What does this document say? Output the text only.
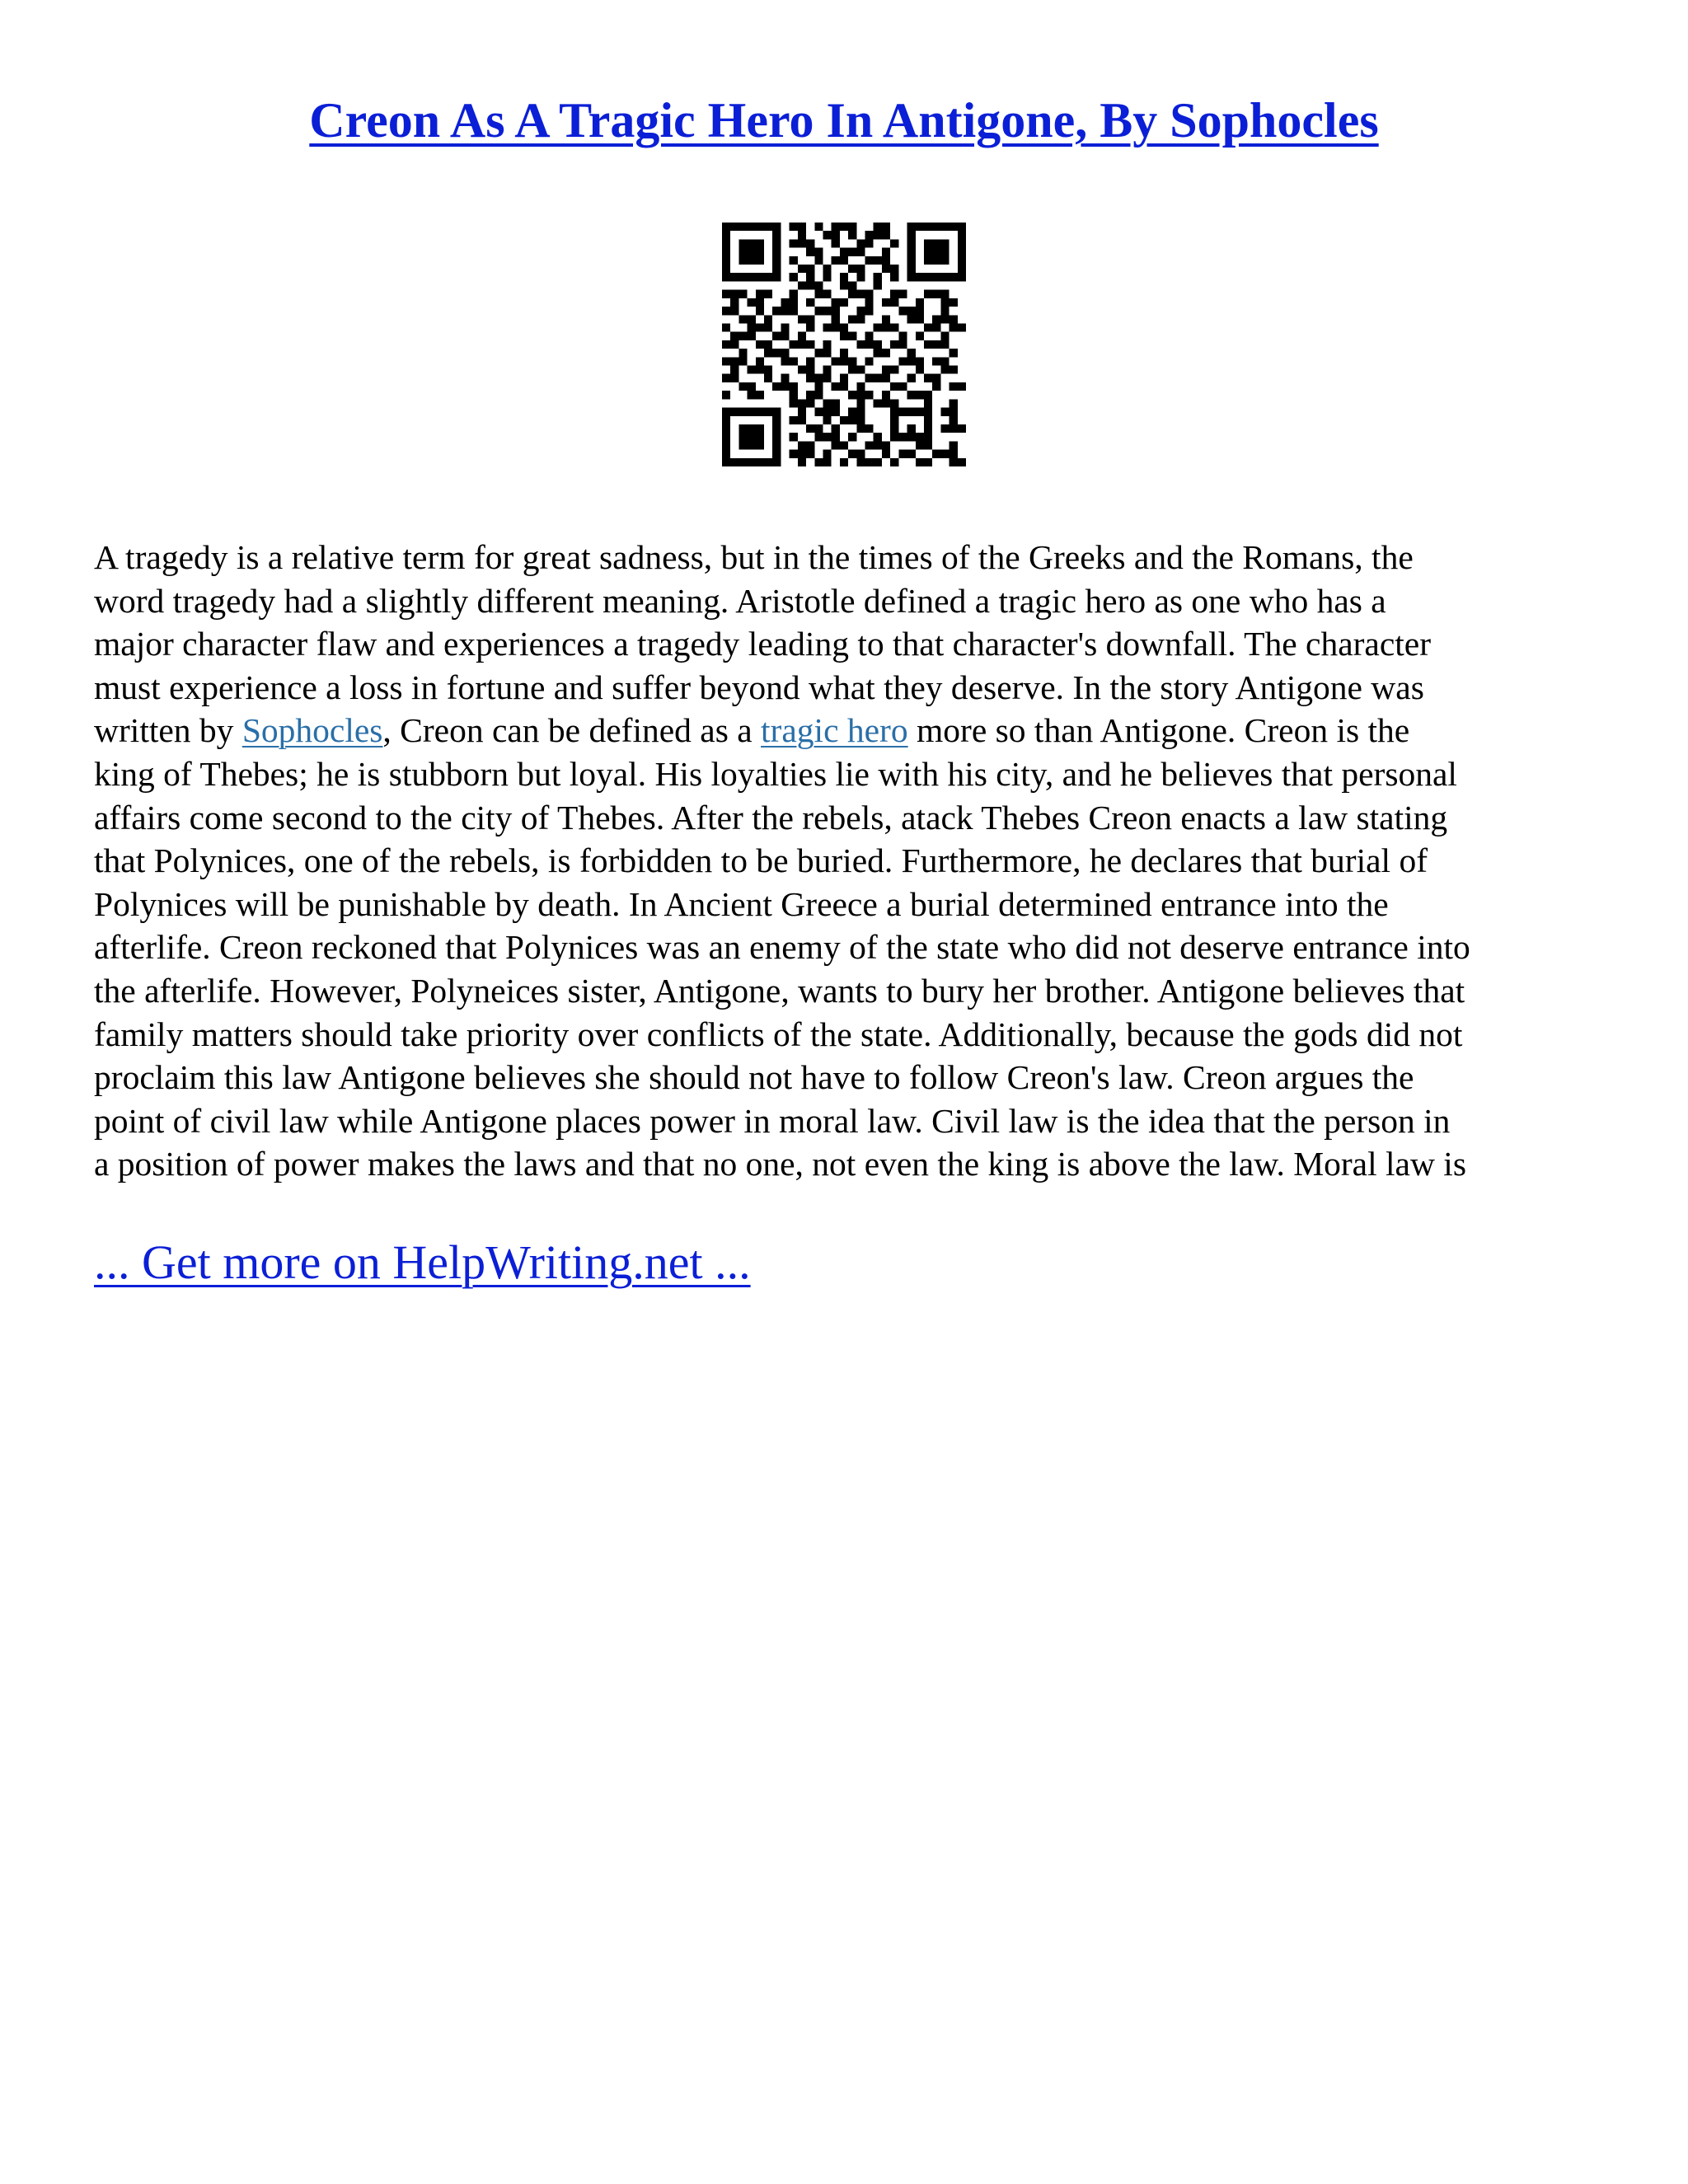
Creon As A Tragic Hero In Antigone, By Sophocles

A tragedy is a relative term for great sadness, but in the times of the Greeks and the Romans, the
word tragedy had a slightly different meaning. Aristotle defined a tragic hero as one who has a
major character flaw and experiences a tragedy leading to that character's downfall. The character
must experience a loss in fortune and suffer beyond what they deserve. In the story Antigone was
written by Sophocles, Creon can be defined as a tragic hero more so than Antigone. Creon is the
king of Thebes; he is stubborn but loyal. His loyalties lie with his city, and he believes that personal
affairs come second to the city of Thebes. After the rebels, atack Thebes Creon enacts a law stating
that Polynices, one of the rebels, is forbidden to be buried. Furthermore, he declares that burial of
Polynices will be punishable by death. In Ancient Greece a burial determined entrance into the
afterlife. Creon reckoned that Polynices was an enemy of the state who did not deserve entrance into
the afterlife. However, Polyneices sister, Antigone, wants to bury her brother. Antigone believes that
family matters should take priority over conflicts of the state. Additionally, because the gods did not
proclaim this law Antigone believes she should not have to follow Creon's law. Creon argues the
point of civil law while Antigone places power in moral law. Civil law is the idea that the person in
a position of power makes the laws and that no one, not even the king is above the law. Moral law is

... Get more on HelpWriting.net ...
